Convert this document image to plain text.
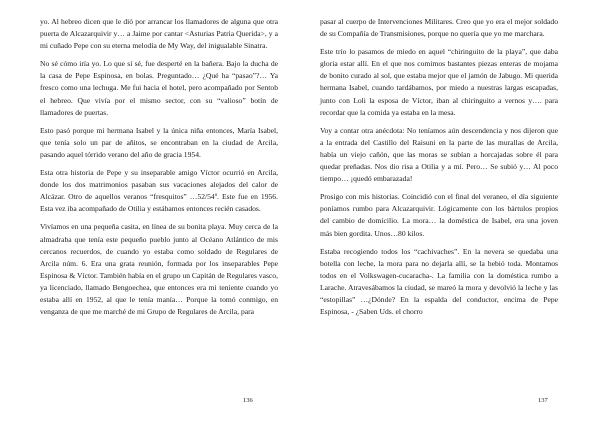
yo. Al hebreo dicen que le dió por arrancar los llamadores de alguna que otra puerta de Alcazarquivir y… a Jaime por cantar <Asturias Patria Querida>, y a mi cuñado Pepe con su eterna melodía de My Way, del inigualable Sinatra.

No sé cómo iría yo. Lo que sí sé, fue desperté en la bañera. Bajo la ducha de la casa de Pepe Espinosa, en bolas. Preguntado… ¿Qué ha “pasao”?… Ya fresco como una lechuga. Me fui hacia el hotel, pero acompañado por Sentob el hebreo. Que vivía por el mismo sector, con su “valioso” botín de llamadores de puertas.

Esto pasó porque mi hermana Isabel y la única niña entonces, María Isabel, que tenía solo un par de añitos, se encontraban en la ciudad de Arcila, pasando aquel tórrido verano del año de gracia 1954.

Esta otra historia de Pepe y su inseparable amigo Víctor ocurrió en Arcila, donde los dos matrimonios pasaban sus vacaciones alejados del calor de Alcázar. Otro de aquellos veranos “fresquitos” …52/54º. Este fue en 1956. Esta vez iba acompañado de Otilia y estábamos entonces recién casados.

Vivíamos en una pequeña casita, en línea de su bonita playa. Muy cerca de la almadraba que tenía este pequeño pueblo junto al Océano Atlántico de mis cercanos recuerdos, de cuando yo estaba como soldado de Regulares de Arcila núm. 6. Era una grata reunión, formada por los inseparables Pepe Espinosa & Víctor. También había en el grupo un Capitán de Regulares vasco, ya licenciado, llamado Bengoechea, que entonces era mi teniente cuando yo estaba allí en 1952, al que le tenía manía… Porque la tomó conmigo, en venganza de que me marché de mi Grupo de Regulares de Arcila, para

136

pasar al cuerpo de Intervenciones Militares. Creo que yo era el mejor soldado de su Compañía de Transmisiones, porque no quería que yo me marchara.

Este trío lo pasamos de miedo en aquel “chiringuito de la playa”, que daba gloria estar allí. En el que nos comimos bastantes piezas enteras de mojama de bonito curado al sol, que estaba mejor que el jamón de Jabugo. Mi querida hermana Isabel, cuando tardábamos, por miedo a nuestras largas escapadas, junto con Loli la esposa de Víctor, iban al chiringuito a vernos y…. para recordar que la comida ya estaba en la mesa.

Voy a contar otra anécdota: No teníamos aún descendencia y nos dijeron que a la entrada del Castillo del Raisuni en la parte de las murallas de Arcila, había un viejo cañón, que las moras se subían a horcajadas sobre él para quedar preñadas. Nos dio risa a Otilia y a mí. Pero… Se subió y… Al poco tiempo… ¡quedó embarazada!

Prosigo con mis historias. Coincidió con el final del veraneo, el día siguiente poníamos rumbo para Alcazarquivir. Lógicamente con los bártulos propios del cambio de domicilio. La mora… la doméstica de Isabel, era una joven más bien gordita. Unos…80 kilos.

Estaba recogiendo todos los “cachivaches”. En la nevera se quedaba una botella con leche, la mora para no dejarla allí, se la bebió toda. Montamos todos en el Volkswagen-cucaracha-. La familia con la doméstica rumbo a Larache. Atravesábamos la ciudad, se mareó la mora y devolvió la leche y las “estopillas” …¿Dónde? En la espalda del conductor, encima de Pepe Espinosa, - ¿Saben Uds. el chorro

137
